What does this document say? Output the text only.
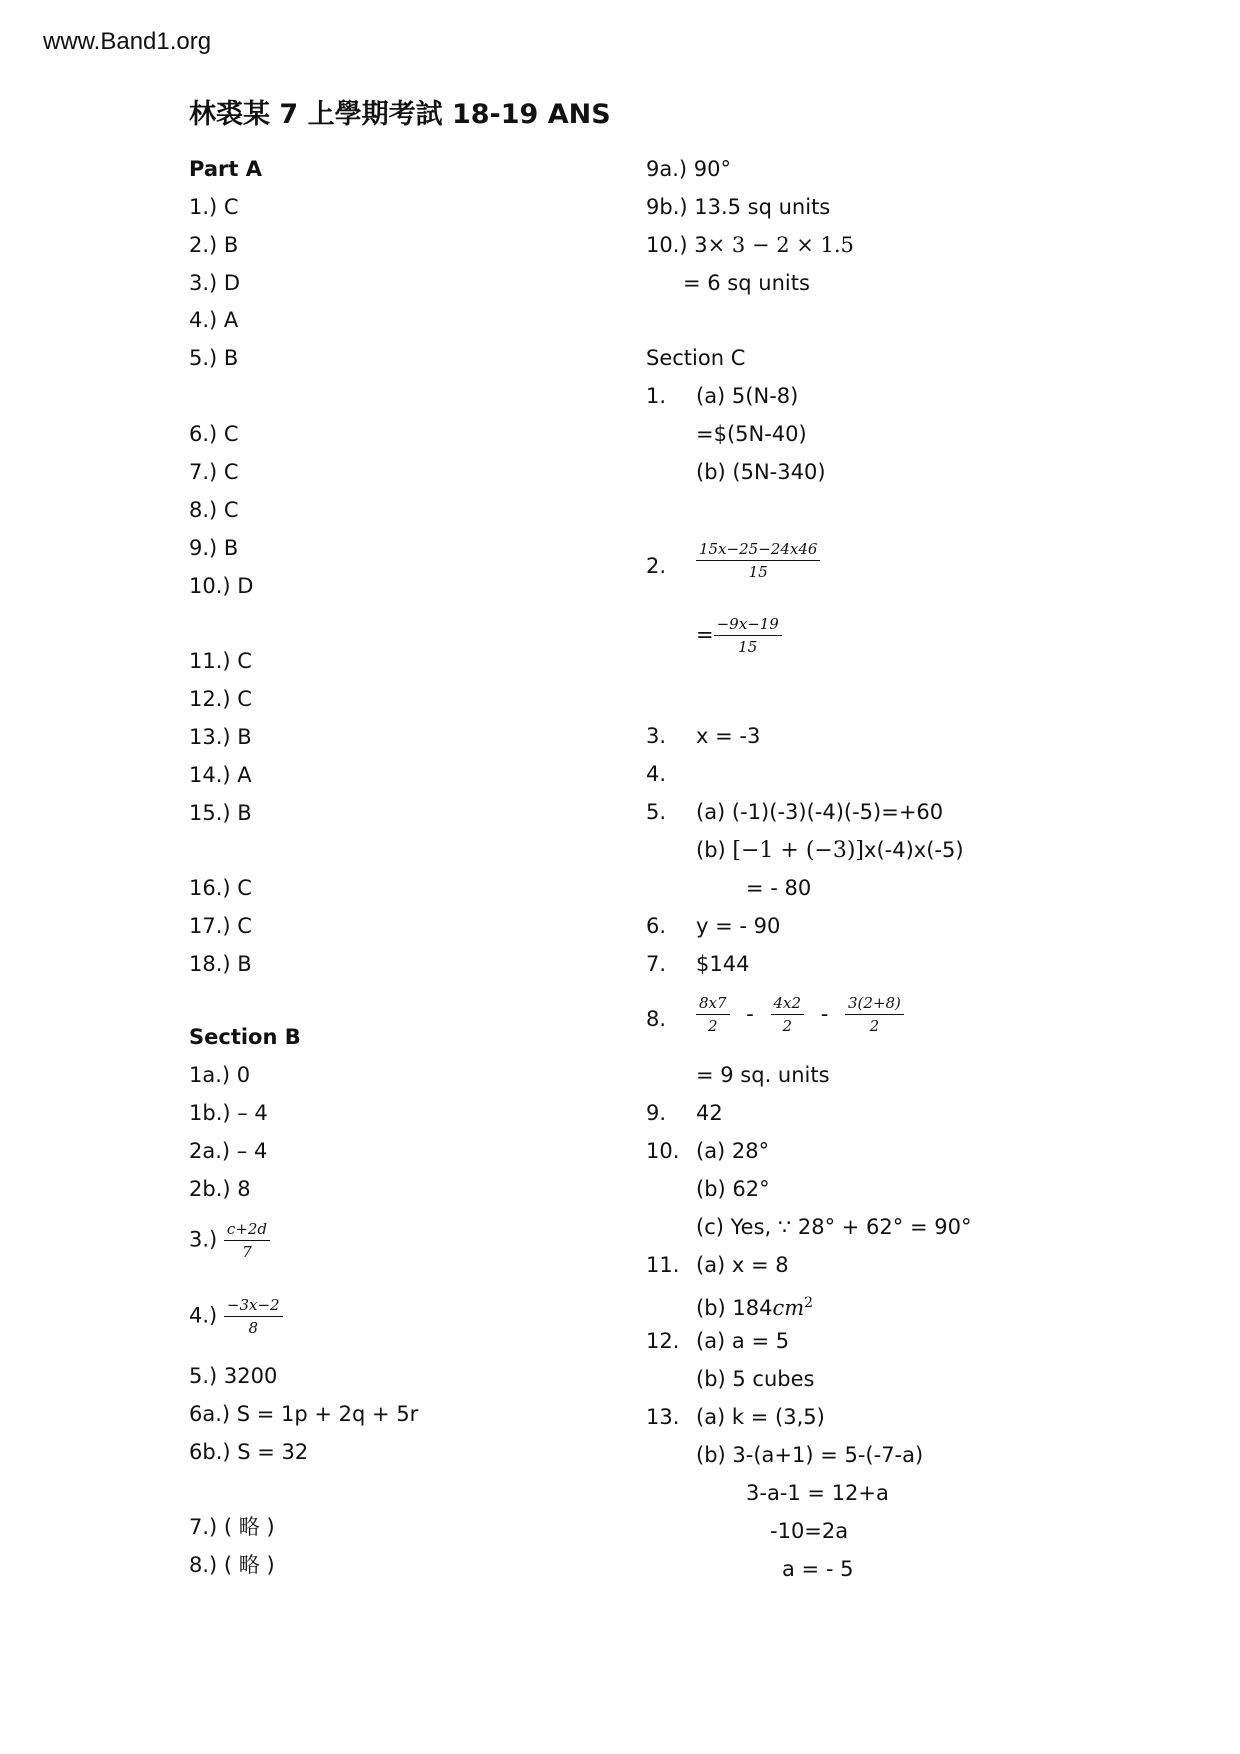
www.Band1.org
林裘某 7 上學期考試 18-19 ANS
Part A
1.) C
2.) B
3.) D
4.) A
5.) B
6.) C
7.) C
8.) C
9.) B
10.) D
11.) C
12.) C
13.) B
14.) A
15.) B
16.) C
17.) C
18.) B
Section B
1a.) 0
1b.) – 4
2a.) – 4
2b.) 8
$3.) \frac{c+2d}{7}$
$4.) \frac{-3x-2}{8}$
5.) 3200
6a.) S = 1p + 2q + 5r
6b.) S = 32
7.) ( 略 )
8.) ( 略 )
9a.) 90°
9b.) 13.5 sq units
10.) 3× 3 − 2 × 1.5
= 6 sq units
Section C
1. (a) 5(N-8)
=$(5N-40)
(b) (5N-340)
2. $\frac{15x-25-24x46}{15}$
= $\frac{-9x-19}{15}$
3. x = -3
4.
5. (a) (-1)(-3)(-4)(-5)=+60
(b) [−1 + (−3)]x(-4)x(-5)
= - 80
6. y = - 90
7. $144
8. $\frac{8x7}{2} - \frac{4x2}{2} - \frac{3(2+8)}{2}$
= 9 sq. units
9. 42
10. (a) 28°
(b) 62°
(c) Yes, ∵ 28° + 62° = 90°
11. (a) x = 8
(b) $184cm^2$
12. (a) a = 5
(b) 5 cubes
13. (a) k = (3,5)
(b) 3-(a+1) = 5-(-7-a)
3-a-1 = 12+a
-10=2a
a = - 5
